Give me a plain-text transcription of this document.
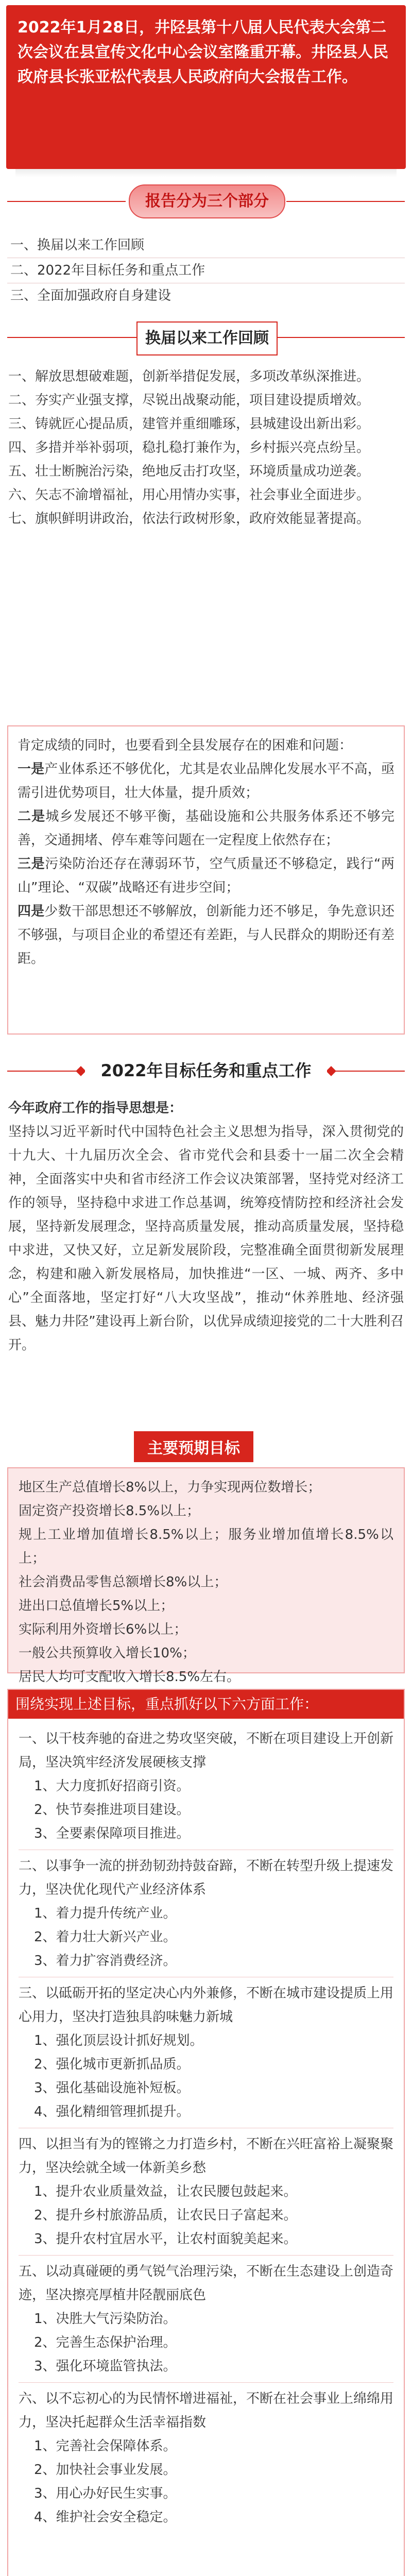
2022年1月28日，井陉县第十八届人民代表大会第二次会议在县宣传文化中心会议室隆重开幕。井陉县人民政府县长张亚松代表县人民政府向大会报告工作。
报告分为三个部分
一、换届以来工作回顾
二、2022年目标任务和重点工作
三、全面加强政府自身建设
换届以来工作回顾

一、解放思想破难题，创新举措促发展，多项改革纵深推进。

二、夯实产业强支撑，尽锐出战聚动能，项目建设提质增效。

三、铸就匠心提品质，建管并重细雕琢，县城建设出新出彩。

四、多措并举补弱项，稳扎稳打兼作为，乡村振兴亮点纷呈。

五、壮士断腕治污染，绝地反击打攻坚，环境质量成功逆袭。

六、矢志不渝增福祉，用心用情办实事，社会事业全面进步。

七、旗帜鲜明讲政治，依法行政树形象，政府效能显著提高。

肯定成绩的同时，也要看到全县发展存在的困难和问题：

一是产业体系还不够优化，尤其是农业品牌化发展水平不高，亟需引进优势项目，壮大体量，提升质效；

二是城乡发展还不够平衡，基础设施和公共服务体系还不够完善，交通拥堵、停车难等问题在一定程度上依然存在；

三是污染防治还存在薄弱环节，空气质量还不够稳定，践行“两山”理论、“双碳”战略还有进步空间；

四是少数干部思想还不够解放，创新能力还不够足，争先意识还不够强，与项目企业的希望还有差距，与人民群众的期盼还有差距。

2022年目标任务和重点工作
今年政府工作的指导思想是：
坚持以习近平新时代中国特色社会主义思想为指导，深入贯彻党的十九大、十九届历次全会、省市党代会和县委十一届二次全会精神，全面落实中央和省市经济工作会议决策部署，坚持党对经济工作的领导，坚持稳中求进工作总基调，统筹疫情防控和经济社会发展，坚持新发展理念，坚持高质量发展，推动高质量发展，坚持稳中求进，又快又好，立足新发展阶段，完整准确全面贯彻新发展理念，构建和融入新发展格局，加快推进“一区、一城、两齐、多中心”全面落地，坚定打好“八大攻坚战”，推动“休养胜地、经济强县、魅力井陉”建设再上新台阶，以优异成绩迎接党的二十大胜利召开。
主要预期目标
地区生产总值增长8%以上，力争实现两位数增长；
固定资产投资增长8.5%以上；
规上工业增加值增长8.5%以上；服务业增加值增长8.5%以上；
社会消费品零售总额增长8%以上；
进出口总值增长5%以上；
实际利用外资增长6%以上；
一般公共预算收入增长10%；
居民人均可支配收入增长8.5%左右。
围绕实现上述目标，重点抓好以下六方面工作：
一、以干枝奔驰的奋进之势攻坚突破，不断在项目建设上开创新局，坚决筑牢经济发展硬核支撑
1、大力度抓好招商引资。
2、快节奏推进项目建设。
3、全要素保障项目推进。
二、以事争一流的拼劲韧劲持鼓奋蹄，不断在转型升级上提速发力，坚决优化现代产业经济体系
1、着力提升传统产业。
2、着力壮大新兴产业。
3、着力扩容消费经济。
三、以砥砺开拓的坚定决心内外兼修，不断在城市建设提质上用心用力，坚决打造独具韵味魅力新城
1、强化顶层设计抓好规划。
2、强化城市更新抓品质。
3、强化基础设施补短板。
4、强化精细管理抓提升。
四、以担当有为的铿锵之力打造乡村，不断在兴旺富裕上凝聚聚力，坚决绘就全域一体新美乡愁
1、提升农业质量效益，让农民腰包鼓起来。
2、提升乡村旅游品质，让农民日子富起来。
3、提升农村宜居水平，让农村面貌美起来。
五、以动真碰硬的勇气锐气治理污染，不断在生态建设上创造奇迹，坚决擦亮厚植井陉靓丽底色
1、决胜大气污染防治。
2、完善生态保护治理。
3、强化环境监管执法。
六、以不忘初心的为民情怀增进福祉，不断在社会事业上绵绵用力，坚决托起群众生活幸福指数
1、完善社会保障体系。
2、加快社会事业发展。
3、用心办好民生实事。
4、维护社会安全稳定。
